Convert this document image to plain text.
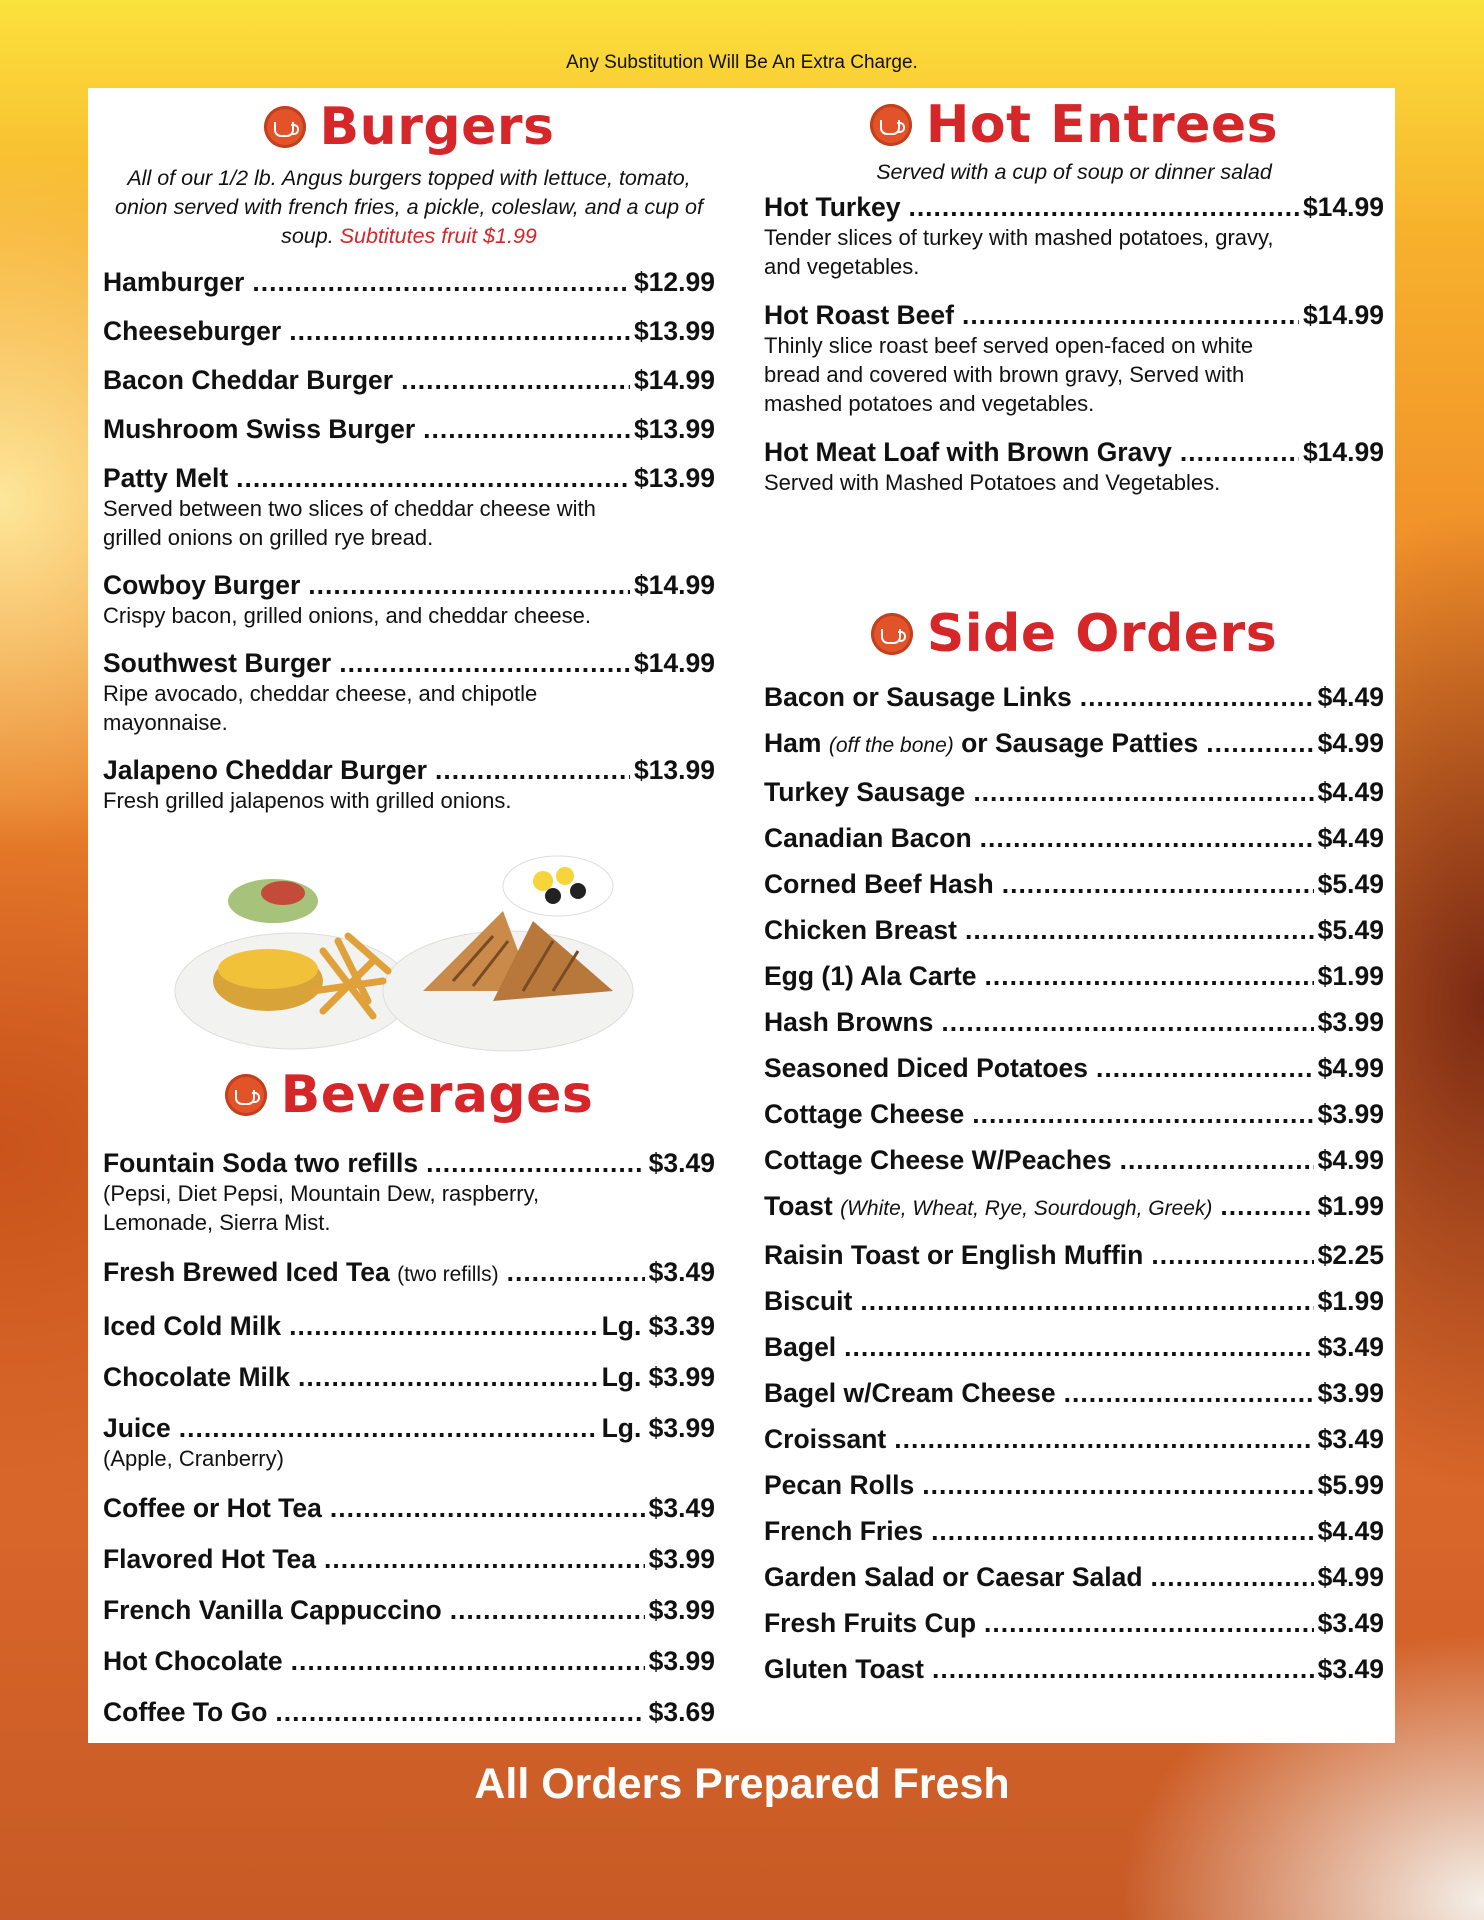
Any Substitution Will Be An Extra Charge.
Burgers
All of our 1/2 lb. Angus burgers topped with lettuce, tomato, onion served with french fries, a pickle, coleslaw, and a cup of soup. Subtitutes fruit $1.99
Hamburger .....	$12.99
Cheeseburger .....	$13.99
Bacon Cheddar Burger .....	$14.99
Mushroom Swiss Burger .....	$13.99
Patty Melt .....	$13.99
Served between two slices of cheddar cheese with grilled onions on grilled rye bread.
Cowboy Burger .....	$14.99
Crispy bacon, grilled onions, and cheddar cheese.
Southwest Burger .....	$14.99
Ripe avocado, cheddar cheese, and chipotle mayonnaise.
Jalapeno Cheddar Burger .....	$13.99
Fresh grilled jalapenos with grilled onions.
Beverages
Fountain Soda two refills .....	$3.49
(Pepsi, Diet Pepsi, Mountain Dew, raspberry, Lemonade, Sierra Mist.
Fresh Brewed Iced Tea (two refills) .....	$3.49
Iced Cold Milk .....	Lg. $3.39
Chocolate Milk .....	Lg. $3.99
Juice .....	Lg. $3.99
(Apple, Cranberry)
Coffee or Hot Tea .....	$3.49
Flavored Hot Tea .....	$3.99
French Vanilla Cappuccino .....	$3.99
Hot Chocolate .....	$3.99
Coffee To Go .....	$3.69
Hot Entrees
Served with a cup of soup or dinner salad
Hot Turkey .....	$14.99
Tender slices of turkey with mashed potatoes, gravy, and vegetables.
Hot Roast Beef .....	$14.99
Thinly slice roast beef served open-faced on white bread and covered with brown gravy, Served with mashed potatoes and vegetables.
Hot Meat Loaf with Brown Gravy .....	$14.99
Served with Mashed Potatoes and Vegetables.
Side Orders
Bacon or Sausage Links .....	$4.49
Ham (off the bone) or Sausage Patties .....	$4.99
Turkey Sausage .....	$4.49
Canadian Bacon .....	$4.49
Corned Beef Hash .....	$5.49
Chicken Breast .....	$5.49
Egg (1) Ala Carte .....	$1.99
Hash Browns .....	$3.99
Seasoned Diced Potatoes .....	$4.99
Cottage Cheese .....	$3.99
Cottage Cheese W/Peaches .....	$4.99
Toast (White, Wheat, Rye, Sourdough, Greek) .....	$1.99
Raisin Toast or English Muffin .....	$2.25
Biscuit .....	$1.99
Bagel .....	$3.49
Bagel w/Cream Cheese .....	$3.99
Croissant .....	$3.49
Pecan Rolls .....	$5.99
French Fries .....	$4.49
Garden Salad or Caesar Salad .....	$4.99
Fresh Fruits Cup .....	$3.49
Gluten Toast .....	$3.49
All Orders Prepared Fresh
